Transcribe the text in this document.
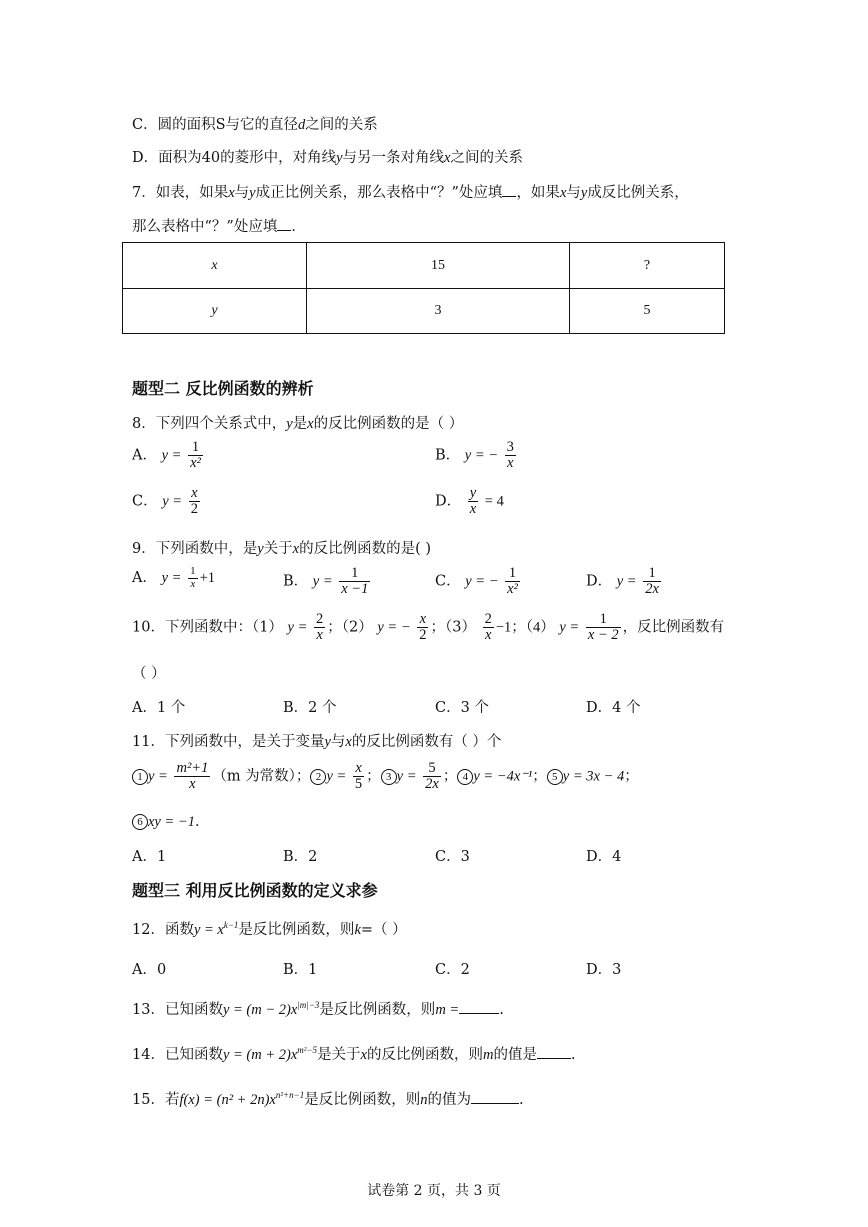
C．圆的面积S与它的直径d之间的关系
D．面积为40的菱形中，对角线y与另一条对角线x之间的关系
7．如表，如果x与y成正比例关系，那么表格中“？”处应填 ，如果x与y成反比例关系，
那么表格中“？”处应填 ．
x	15	?
y	3	5
题型二 反比例函数的辨析
8．下列四个关系式中，y是x的反比例函数的是（ ）
A． $y = \frac{1}{\text{x²}}$	B． y = − $\frac{3}{x}$
C． $y = \frac{x}{2}$	D． $\frac{y}{x} = 4$
9．下列函数中，是y关于x的反比例函数的是( )
A． $y = \frac{1}{x} +1$	B． $y = \frac{1}{x -1}$	C． y = − $\frac{1}{\text{x²}}$	D． $y = \frac{1}{2x}$
10．下列函数中：（1） $y = \frac{2}{x}$ ；（2） y = − $\frac{x}{2}$ ；$(3) \frac{2}{x} -1$；（4） $y = \frac{1}{x - 2}$ ，反比例函数有
（ ）
A．1 个	B．2 个	C．3 个	D．4 个
11．下列函数中，是关于变量y与x的反比例函数有（ ）个
1 $y = \frac{\text{m²+1}}{x} (m$ 为常数）； 2 $y = \frac{x}{5}$ ； 3 $y = \frac{5}{2x}$ ； 4 y = −4x⁻¹； 5 y = 3x − 4；
6 xy = −1．
A．1	B．2	C．3	D．4
题型三 利用反比例函数的定义求参
12．函数$y = x^{k-1}$是反比例函数，则k=（ ）
A．0	B．1	C．2	D．3
13．已知函数$y = (m - 2)x^{|m|-3}$是反比例函数，则m =	.
14．已知函数$y = (m + 2)x^{m^2-5}$是关于x的反比例函数，则m的值是 .
15．若$f(x) = (n^2 + 2n)x^{n^2+n-1}$是反比例函数，则n的值为	.
试卷第 2 页，共 3 页
